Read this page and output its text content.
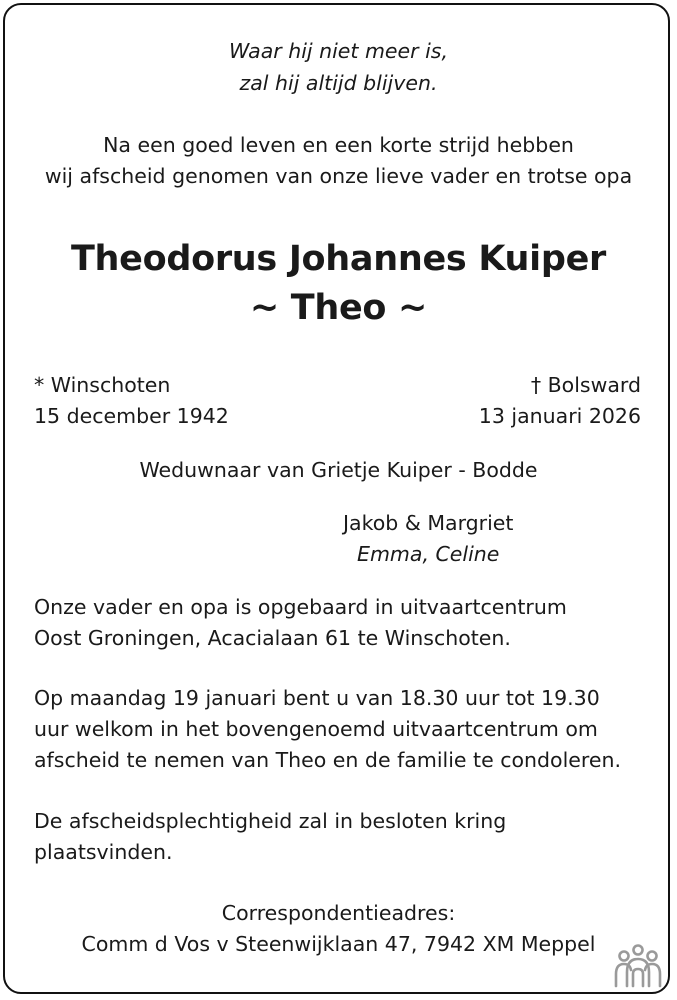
Waar hij niet meer is,
zal hij altijd blijven.
Na een goed leven en een korte strijd hebben
wij afscheid genomen van onze lieve vader en trotse opa
Theodorus Johannes Kuiper
~ Theo ~
* Winschoten
15 december 1942
† Bolsward
13 januari 2026
Weduwnaar van Grietje Kuiper - Bodde
Jakob & Margriet
Emma, Celine
Onze vader en opa is opgebaard in uitvaartcentrum
Oost Groningen, Acacialaan 61 te Winschoten.
Op maandag 19 januari bent u van 18.30 uur tot 19.30
uur welkom in het bovengenoemd uitvaartcentrum om
afscheid te nemen van Theo en de familie te condoleren.
De afscheidsplechtigheid zal in besloten kring
plaatsvinden.
Correspondentieadres:
Comm d Vos v Steenwijklaan 47, 7942 XM Meppel
